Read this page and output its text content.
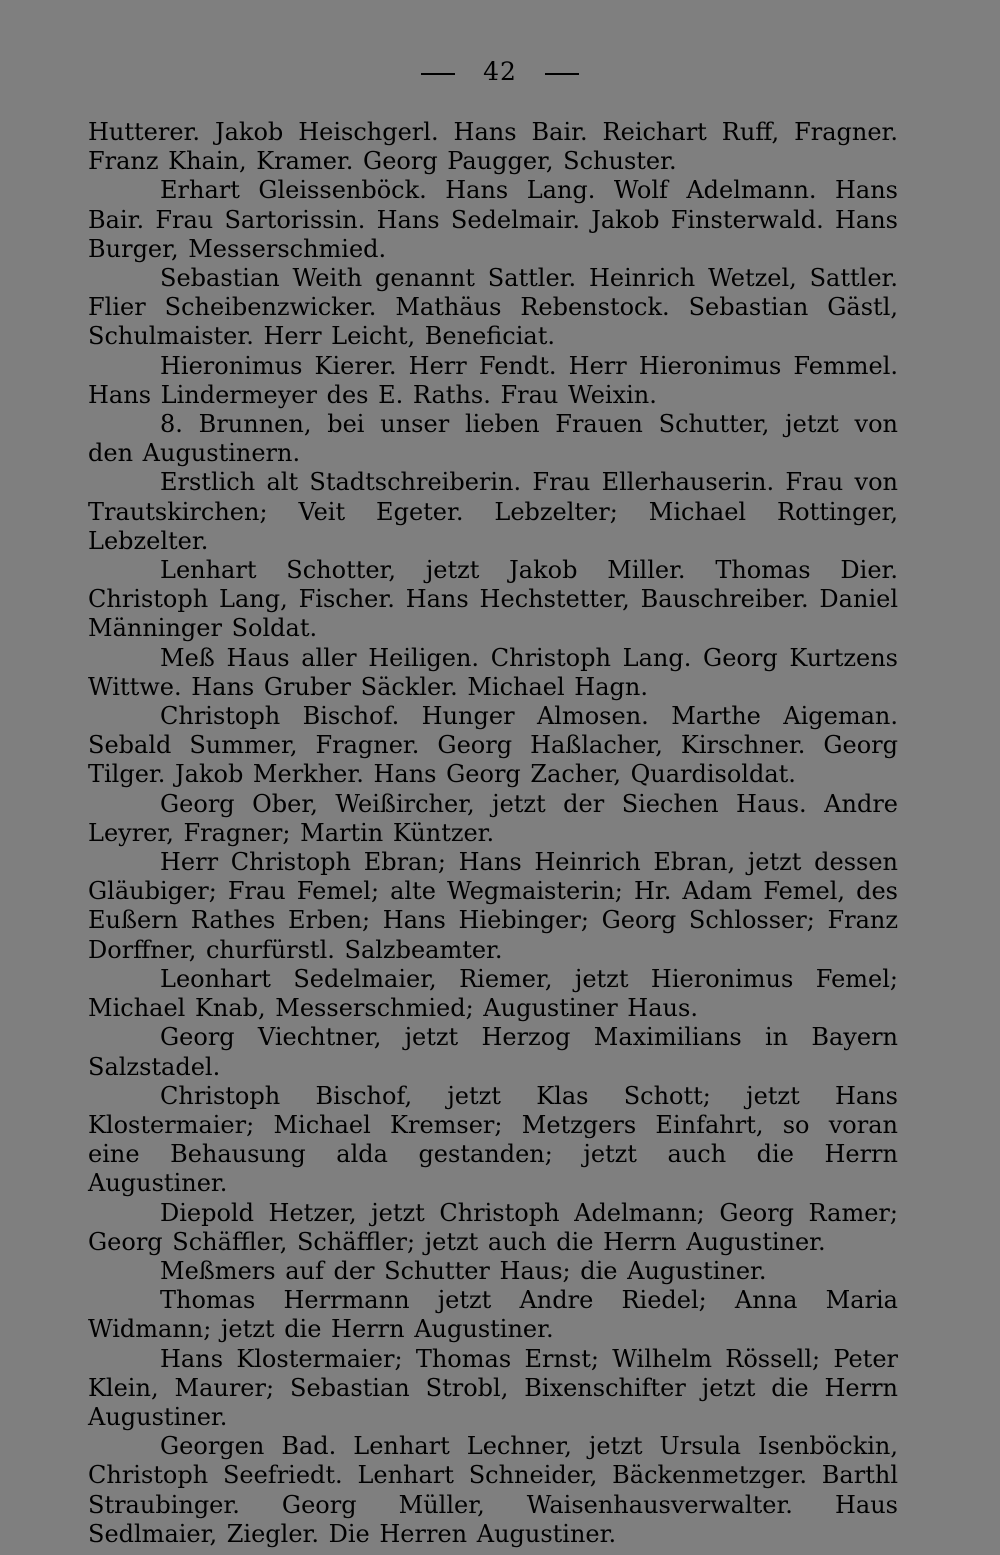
42

Hutterer. Jakob Heischgerl. Hans Bair. Reichart Ruff, Fragner. Franz Khain, Kramer. Georg Paugger, Schuster.

Erhart Gleissenböck. Hans Lang. Wolf Adelmann. Hans Bair. Frau Sartorissin. Hans Sedelmair. Jakob Finsterwald. Hans Burger, Messerschmied.

Sebastian Weith genannt Sattler. Heinrich Wetzel, Sattler. Flier Scheibenzwicker. Mathäus Rebenstock. Sebastian Gästl, Schulmaister. Herr Leicht, Beneficiat.

Hieronimus Kierer. Herr Fendt. Herr Hieronimus Femmel. Hans Lindermeyer des E. Raths. Frau Weixin.

8. Brunnen, bei unser lieben Frauen Schutter, jetzt von den Augustinern.

Erstlich alt Stadtschreiberin. Frau Ellerhauserin. Frau von Trautskirchen; Veit Egeter. Lebzelter; Michael Rottinger, Lebzelter.

Lenhart Schotter, jetzt Jakob Miller. Thomas Dier. Christoph Lang, Fischer. Hans Hechstetter, Bauschreiber. Daniel Männinger Soldat.

Meß Haus aller Heiligen. Christoph Lang. Georg Kurtzens Wittwe. Hans Gruber Säckler. Michael Hagn.

Christoph Bischof. Hunger Almosen. Marthe Aigeman. Sebald Summer, Fragner. Georg Haßlacher, Kirschner. Georg Tilger. Jakob Merkher. Hans Georg Zacher, Quardisoldat.

Georg Ober, Weißircher, jetzt der Siechen Haus. Andre Leyrer, Fragner; Martin Küntzer.

Herr Christoph Ebran; Hans Heinrich Ebran, jetzt dessen Gläubiger; Frau Femel; alte Wegmaisterin; Hr. Adam Femel, des Eußern Rathes Erben; Hans Hiebinger; Georg Schlosser; Franz Dorffner, churfürstl. Salzbeamter.

Leonhart Sedelmaier, Riemer, jetzt Hieronimus Femel; Michael Knab, Messerschmied; Augustiner Haus.

Georg Viechtner, jetzt Herzog Maximilians in Bayern Salzstadel.

Christoph Bischof, jetzt Klas Schott; jetzt Hans Klostermaier; Michael Kremser; Metzgers Einfahrt, so voran eine Behausung alda gestanden; jetzt auch die Herrn Augustiner.

Diepold Hetzer, jetzt Christoph Adelmann; Georg Ramer; Georg Schäffler, Schäffler; jetzt auch die Herrn Augustiner.

Meßmers auf der Schutter Haus; die Augustiner.

Thomas Herrmann jetzt Andre Riedel; Anna Maria Widmann; jetzt die Herrn Augustiner.

Hans Klostermaier; Thomas Ernst; Wilhelm Rössell; Peter Klein, Maurer; Sebastian Strobl, Bixenschifter jetzt die Herrn Augustiner.

Georgen Bad. Lenhart Lechner, jetzt Ursula Isenböckin, Christoph Seefriedt. Lenhart Schneider, Bäckenmetzger. Barthl Straubinger. Georg Müller, Waisenhausverwalter. Haus Sedlmaier, Ziegler. Die Herren Augustiner.
